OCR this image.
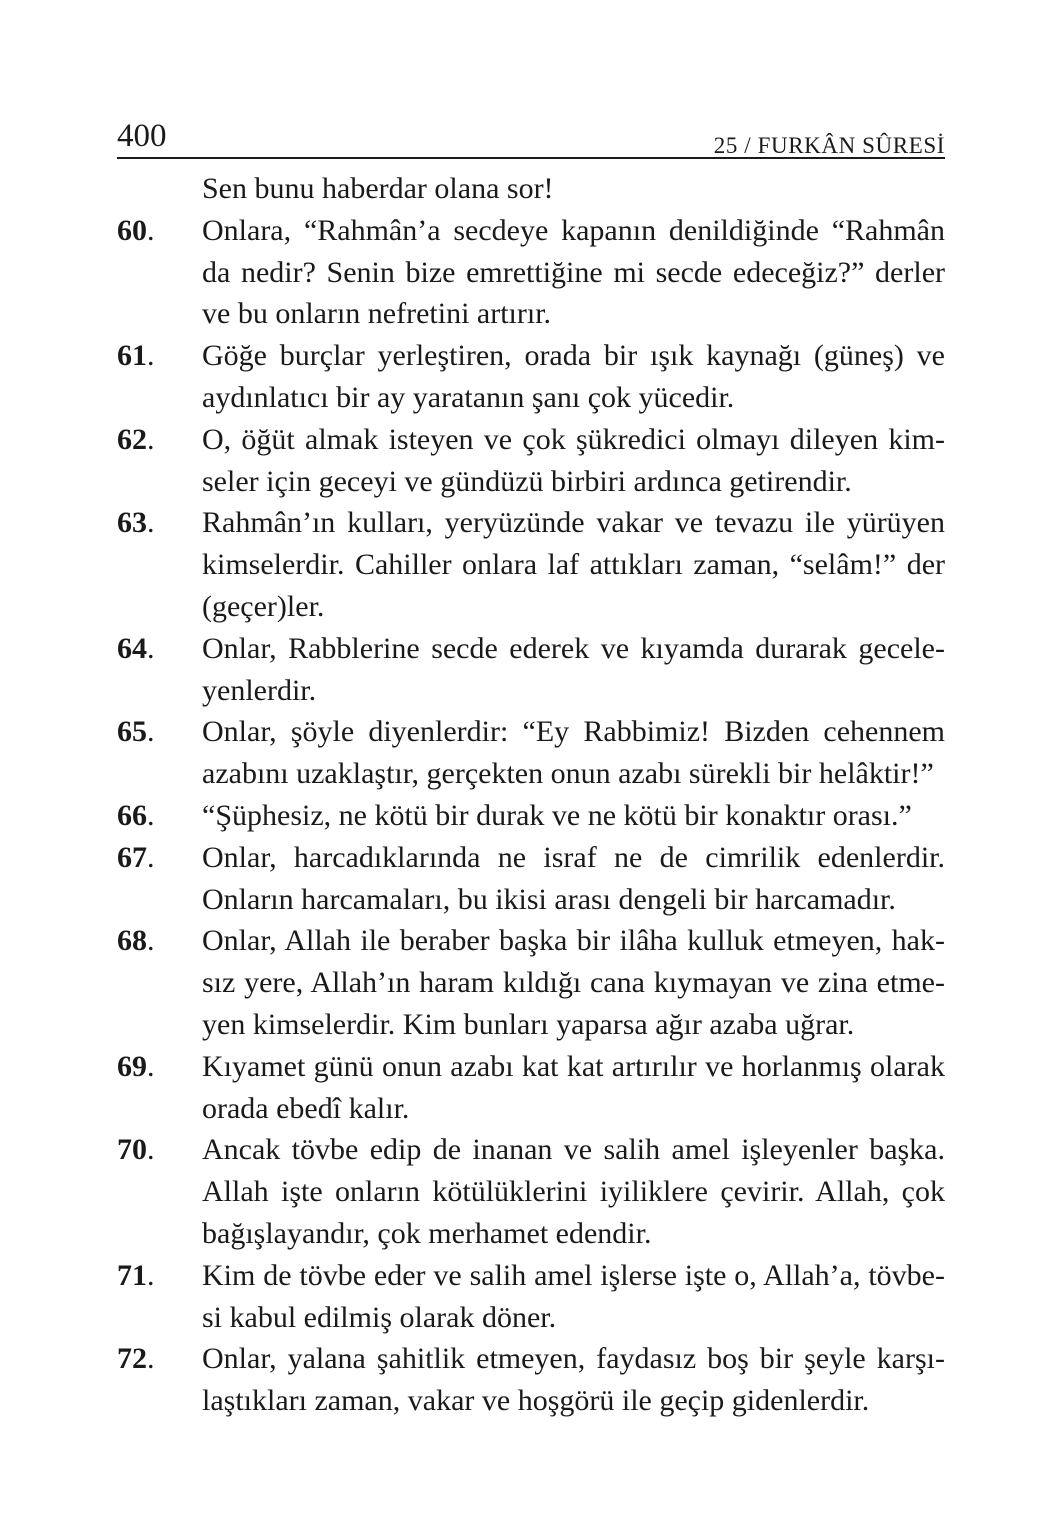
400	25 / FURKÂN SÛRESİ
Sen bunu haberdar olana sor!
60.	Onlara, “Rahmân’a secdeye kapanın denildiğinde “Rahmân da nedir? Senin bize emrettiğine mi secde edeceğiz?” derler ve bu onların nefretini artırır.
61.	Göğe burçlar yerleştiren, orada bir ışık kaynağı (güneş) ve aydınlatıcı bir ay yaratanın şanı çok yücedir.
62.	O, öğüt almak isteyen ve çok şükredici olmayı dileyen kimseler için geceyi ve gündüzü birbiri ardınca getirendir.
63.	Rahmân’ın kulları, yeryüzünde vakar ve tevazu ile yürüyen kimselerdir. Cahiller onlara laf attıkları zaman, “selâm!” der (geçer)ler.
64.	Onlar, Rabblerine secde ederek ve kıyamda durarak geceleyenlerdir.
65.	Onlar, şöyle diyenlerdir: “Ey Rabbimiz! Bizden cehennem azabını uzaklaştır, gerçekten onun azabı sürekli bir helâktir!”
66.	“Şüphesiz, ne kötü bir durak ve ne kötü bir konaktır orası.”
67.	Onlar, harcadıklarında ne israf ne de cimrilik edenlerdir. Onların harcamaları, bu ikisi arası dengeli bir harcamadır.
68.	Onlar, Allah ile beraber başka bir ilâha kulluk etmeyen, haksız yere, Allah’ın haram kıldığı cana kıymayan ve zina etmeyen kimselerdir. Kim bunları yaparsa ağır azaba uğrar.
69.	Kıyamet günü onun azabı kat kat artırılır ve horlanmış olarak orada ebedî kalır.
70.	Ancak tövbe edip de inanan ve salih amel işleyenler başka. Allah işte onların kötülüklerini iyiliklere çevirir. Allah, çok bağışlayandır, çok merhamet edendir.
71.	Kim de tövbe eder ve salih amel işlerse işte o, Allah’a, tövbesi kabul edilmiş olarak döner.
72.	Onlar, yalana şahitlik etmeyen, faydasız boş bir şeyle karşılaştıkları zaman, vakar ve hoşgörü ile geçip gidenlerdir.
